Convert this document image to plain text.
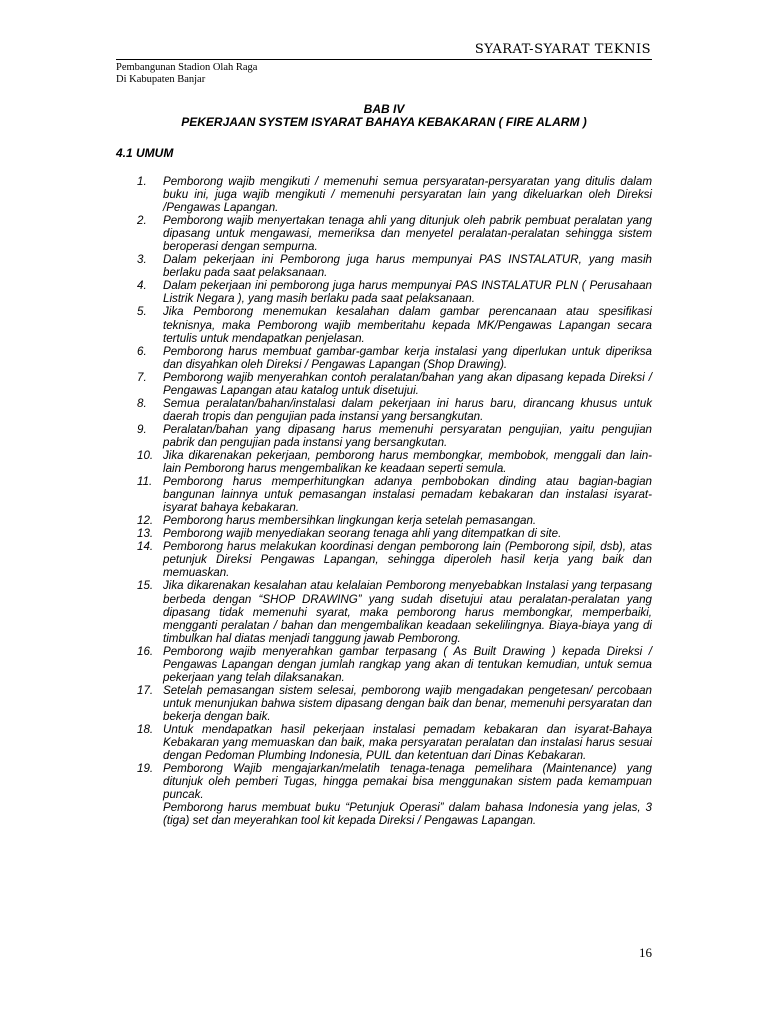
SYARAT-SYARAT TEKNIS
Pembangunan Stadion Olah Raga
Di Kabupaten Banjar
BAB IV
PEKERJAAN SYSTEM ISYARAT BAHAYA KEBAKARAN ( FIRE ALARM )
4.1 UMUM
1.	Pemborong wajib mengikuti / memenuhi semua persyaratan-persyaratan yang ditulis dalam buku ini, juga wajib mengikuti / memenuhi persyaratan lain yang dikeluarkan oleh Direksi /Pengawas Lapangan.
2.	Pemborong wajib menyertakan tenaga ahli yang ditunjuk oleh pabrik pembuat peralatan yang dipasang untuk mengawasi, memeriksa dan menyetel peralatan-peralatan sehingga sistem beroperasi dengan sempurna.
3.	Dalam pekerjaan ini Pemborong juga harus mempunyai PAS INSTALATUR, yang masih berlaku pada saat pelaksanaan.
4.	Dalam pekerjaan ini pemborong juga harus mempunyai PAS INSTALATUR PLN ( Perusahaan Listrik Negara ), yang masih berlaku pada saat pelaksanaan.
5.	Jika Pemborong menemukan kesalahan dalam gambar perencanaan atau spesifikasi teknisnya, maka Pemborong wajib memberitahu kepada MK/Pengawas Lapangan secara tertulis untuk mendapatkan penjelasan.
6.	Pemborong harus membuat gambar-gambar kerja instalasi yang diperlukan untuk diperiksa dan disyahkan oleh Direksi / Pengawas Lapangan (Shop Drawing).
7.	Pemborong wajib menyerahkan contoh peralatan/bahan yang akan dipasang kepada Direksi / Pengawas Lapangan atau katalog untuk disetujui.
8.	Semua peralatan/bahan/instalasi dalam pekerjaan ini harus baru, dirancang khusus untuk daerah tropis dan pengujian pada instansi yang bersangkutan.
9.	Peralatan/bahan yang dipasang harus memenuhi persyaratan pengujian, yaitu pengujian pabrik dan pengujian pada instansi yang bersangkutan.
10. Jika dikarenakan pekerjaan, pemborong harus membongkar, membobok, menggali dan lain-lain Pemborong harus mengembalikan ke keadaan seperti semula.
11. Pemborong harus memperhitungkan adanya pembobokan dinding atau bagian-bagian bangunan lainnya untuk pemasangan instalasi pemadam kebakaran dan instalasi isyarat-isyarat bahaya kebakaran.
12. Pemborong harus membersihkan lingkungan kerja setelah pemasangan.
13. Pemborong wajib menyediakan seorang tenaga ahli yang ditempatkan di site.
14. Pemborong harus melakukan koordinasi dengan pemborong lain (Pemborong sipil, dsb), atas petunjuk Direksi Pengawas Lapangan, sehingga diperoleh hasil kerja yang baik dan memuaskan.
15. Jika dikarenakan kesalahan atau kelalaian Pemborong menyebabkan Instalasi yang terpasang berbeda dengan “SHOP DRAWING” yang sudah disetujui atau peralatan-peralatan yang dipasang tidak memenuhi syarat, maka pemborong harus membongkar, memperbaiki, mengganti peralatan / bahan dan mengembalikan keadaan sekelilingnya. Biaya-biaya yang di timbulkan hal diatas menjadi tanggung jawab Pemborong.
16. Pemborong wajib menyerahkan gambar terpasang ( As Built Drawing ) kepada Direksi / Pengawas Lapangan dengan jumlah rangkap yang akan di tentukan kemudian, untuk semua pekerjaan yang telah dilaksanakan.
17. Setelah pemasangan sistem selesai, pemborong wajib mengadakan pengetesan/ percobaan untuk menunjukan bahwa sistem dipasang dengan baik dan benar, memenuhi persyaratan dan bekerja dengan baik.
18. Untuk mendapatkan hasil pekerjaan instalasi pemadam kebakaran dan isyarat-Bahaya Kebakaran yang memuaskan dan baik, maka persyaratan peralatan dan instalasi harus sesuai dengan Pedoman Plumbing Indonesia, PUIL dan ketentuan dari Dinas Kebakaran.
19. Pemborong Wajib mengajarkan/melatih tenaga-tenaga pemelihara (Maintenance) yang ditunjuk oleh pemberi Tugas, hingga pemakai bisa menggunakan sistem pada kemampuan puncak.
Pemborong harus membuat buku “Petunjuk Operasi” dalam bahasa Indonesia yang jelas, 3 (tiga) set dan meyerahkan tool kit kepada Direksi / Pengawas Lapangan.
16
